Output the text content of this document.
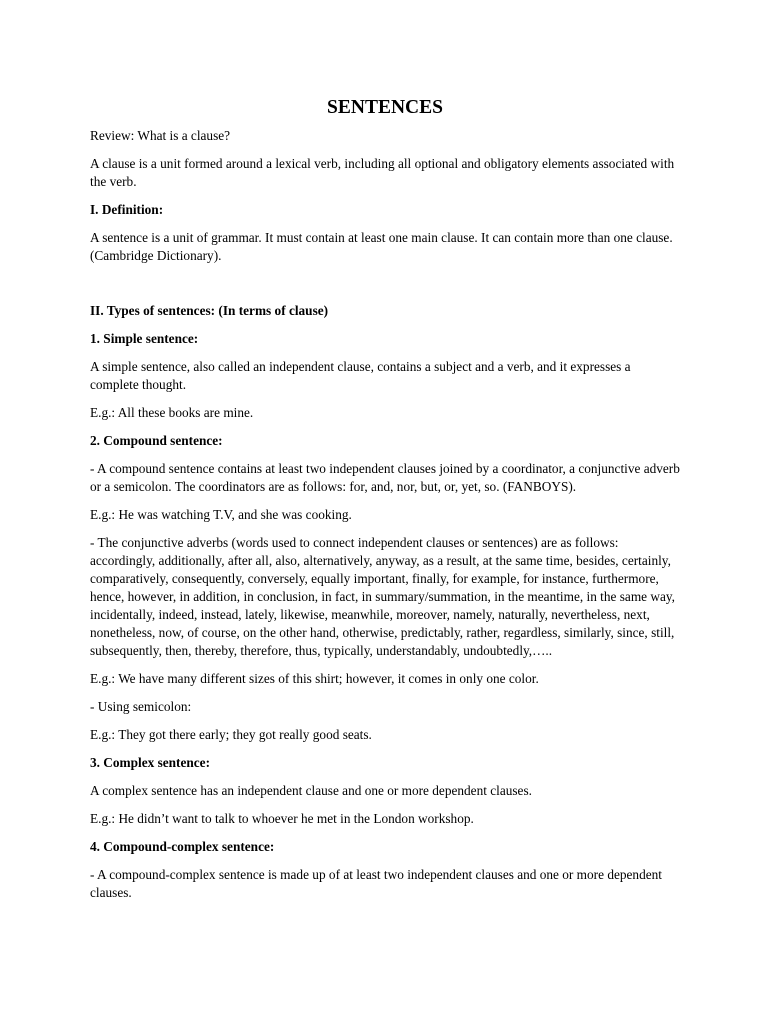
SENTENCES

Review: What is a clause?

A clause is a unit formed around a lexical verb, including all optional and obligatory elements associated with the verb.

I. Definition:

A sentence is a unit of grammar. It must contain at least one main clause. It can contain more than one clause. (Cambridge Dictionary).

II. Types of sentences: (In terms of clause)

1. Simple sentence:

A simple sentence, also called an independent clause, contains a subject and a verb, and it expresses a complete thought.

E.g.: All these books are mine.

2. Compound sentence:

- A compound sentence contains at least two independent clauses joined by a coordinator, a conjunctive adverb or a semicolon. The coordinators are as follows: for, and, nor, but, or, yet, so. (FANBOYS).

E.g.: He was watching T.V, and she was cooking.

- The conjunctive adverbs (words used to connect independent clauses or sentences) are as follows: accordingly, additionally, after all, also, alternatively, anyway, as a result, at the same time, besides, certainly, comparatively, consequently, conversely, equally important, finally, for example, for instance, furthermore, hence, however, in addition, in conclusion, in fact, in summary/summation, in the meantime, in the same way, incidentally, indeed, instead, lately, likewise, meanwhile, moreover, namely, naturally, nevertheless, next, nonetheless, now, of course, on the other hand, otherwise, predictably, rather, regardless, similarly, since, still, subsequently, then, thereby, therefore, thus, typically, understandably, undoubtedly,…..

E.g.: We have many different sizes of this shirt; however, it comes in only one color.

- Using semicolon:

E.g.: They got there early; they got really good seats.

3. Complex sentence:

A complex sentence has an independent clause and one or more dependent clauses.

E.g.: He didn’t want to talk to whoever he met in the London workshop.

4. Compound-complex sentence:

- A compound-complex sentence is made up of at least two independent clauses and one or more dependent clauses.
